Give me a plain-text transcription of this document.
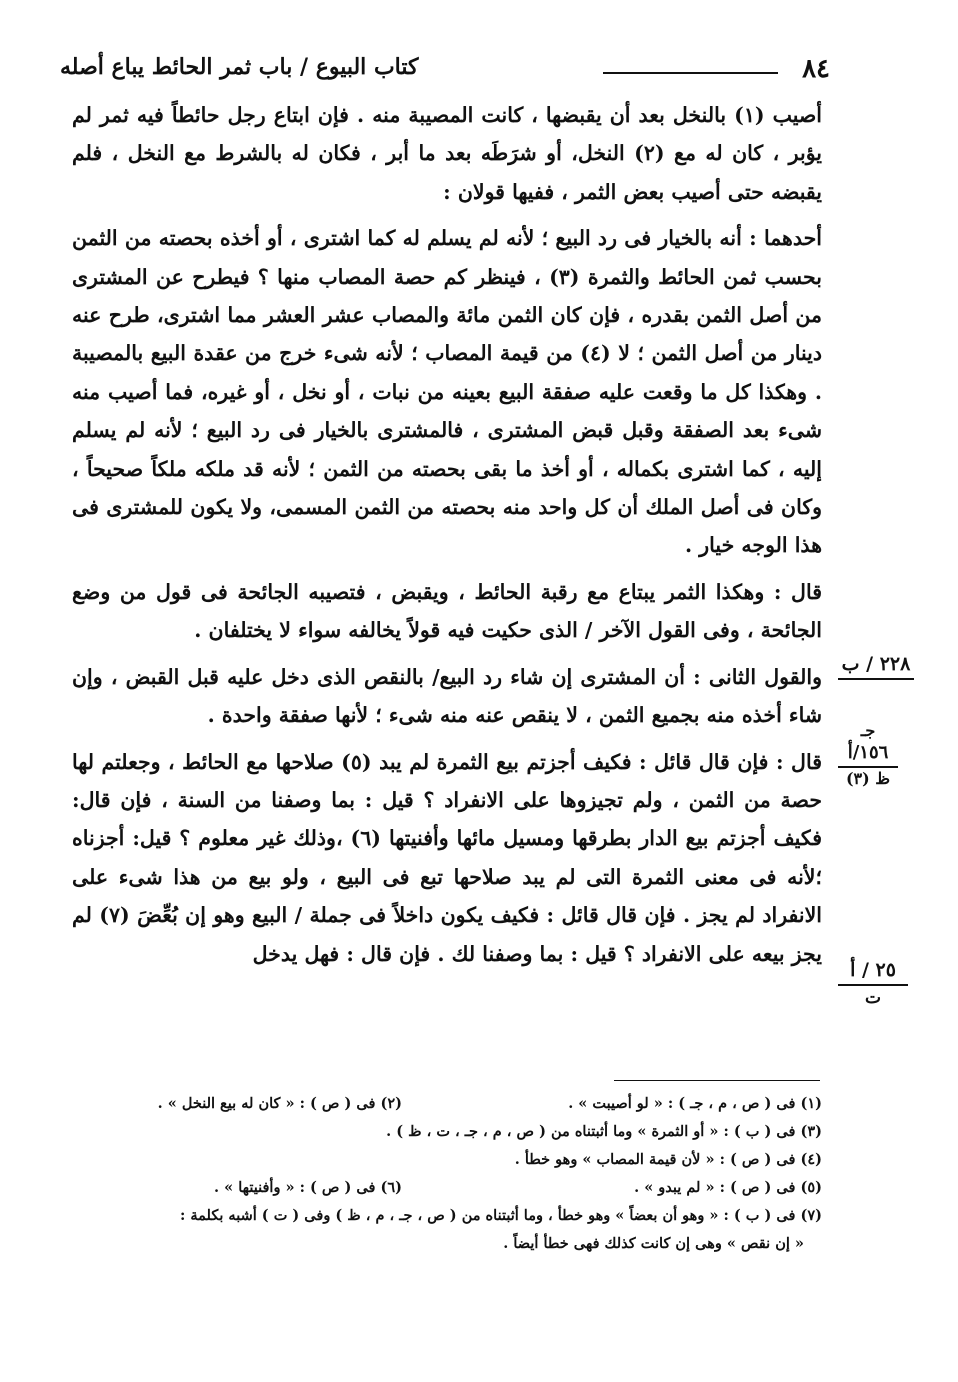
٨٤
كتاب البيوع / باب ثمر الحائط يباع أصله

أصيب (١) بالنخل بعد أن يقبضها ، كانت المصيبة منه . فإن ابتاع رجل حائطاً فيه ثمر لم يؤبر ، كان له مع (٢) النخل، أو شرَطَه بعد ما أبر ، فكان له بالشرط مع النخل ، فلم يقبضه حتى أصيب بعض الثمر ، ففيها قولان :

أحدهما : أنه بالخيار فى رد البيع ؛ لأنه لم يسلم له كما اشترى ، أو أخذه بحصته من الثمن بحسب ثمن الحائط والثمرة (٣) ، فينظر كم حصة المصاب منها ؟ فيطرح عن المشترى من أصل الثمن بقدره ، فإن كان الثمن مائة والمصاب عشر العشر مما اشترى، طرح عنه دينار من أصل الثمن ؛ لا (٤) من قيمة المصاب ؛ لأنه شىء خرج من عقدة البيع بالمصيبة . وهكذا كل ما وقعت عليه صفقة البيع بعينه من نبات ، أو نخل ، أو غيره، فما أصيب منه شىء بعد الصفقة وقبل قبض المشترى ، فالمشترى بالخيار فى رد البيع ؛ لأنه لم يسلم إليه ، كما اشترى بكماله ، أو أخذ ما بقى بحصته من الثمن ؛ لأنه قد ملكه ملكاً صحيحاً ، وكان فى أصل الملك أن كل واحد منه بحصته من الثمن المسمى، ولا يكون للمشترى فى هذا الوجه خيار .

قال : وهكذا الثمر يبتاع مع رقبة الحائط ، ويقبض ، فتصيبه الجائحة فى قول من وضع الجائحة ، وفى القول الآخر / الذى حكيت فيه قولاً يخالفه سواء لا يختلفان .

والقول الثانى : أن المشترى إن شاء رد البيع/ بالنقص الذى دخل عليه قبل القبض ، وإن شاء أخذه منه بجميع الثمن ، لا ينقص عنه منه شىء ؛ لأنها صفقة واحدة .

قال : فإن قال قائل : فكيف أجزتم بيع الثمرة لم يبد (٥) صلاحها مع الحائط ، وجعلتم لها حصة من الثمن ، ولم تجيزوها على الانفراد ؟ قيل : بما وصفنا من السنة ، فإن قال: فكيف أجزتم بيع الدار بطرقها ومسيل مائها وأفنيتها (٦) ،وذلك غير معلوم ؟ قيل: أجزناه ؛لأنه فى معنى الثمرة التى لم يبد صلاحها تبع فى البيع ، ولو بيع من هذا شىء على الانفراد لم يجز . فإن قال قائل : فكيف يكون داخلاً فى جملة / البيع وهو إن بُعِّضَ (٧) لم يجز بيعه على الانفراد ؟ قيل : بما وصفنا لك . فإن قال : فهل يدخل

٢٢٨ / ب
جـ
١٥٦/أ
ظ (٣)
٢٥ / أ
ت
(١) فى ( ص ، م ، جـ ) : « لو أصيبت » .
(٢) فى ( ص ) : « كان له بيع النخل » .
(٣) فى ( ب ) : « أو الثمرة » وما أثبتناه من ( ص ، م ، جـ ، ت ، ظ ) .
(٤) فى ( ص ) : « لأن قيمة المصاب » وهو خطأ .
(٥) فى ( ص ) : « لم يبدو » .
(٦) فى ( ص ) : « وأفنيتها » .
(٧) فى ( ب ) : « وهو أن بعضاً » وهو خطأ ، وما أثبتناه من ( ص ، جـ ، م ، ظ ) وفى ( ت ) أشبه بكلمة :
« إن نقص » وهى إن كانت كذلك فهى خطأ أيضاً .
